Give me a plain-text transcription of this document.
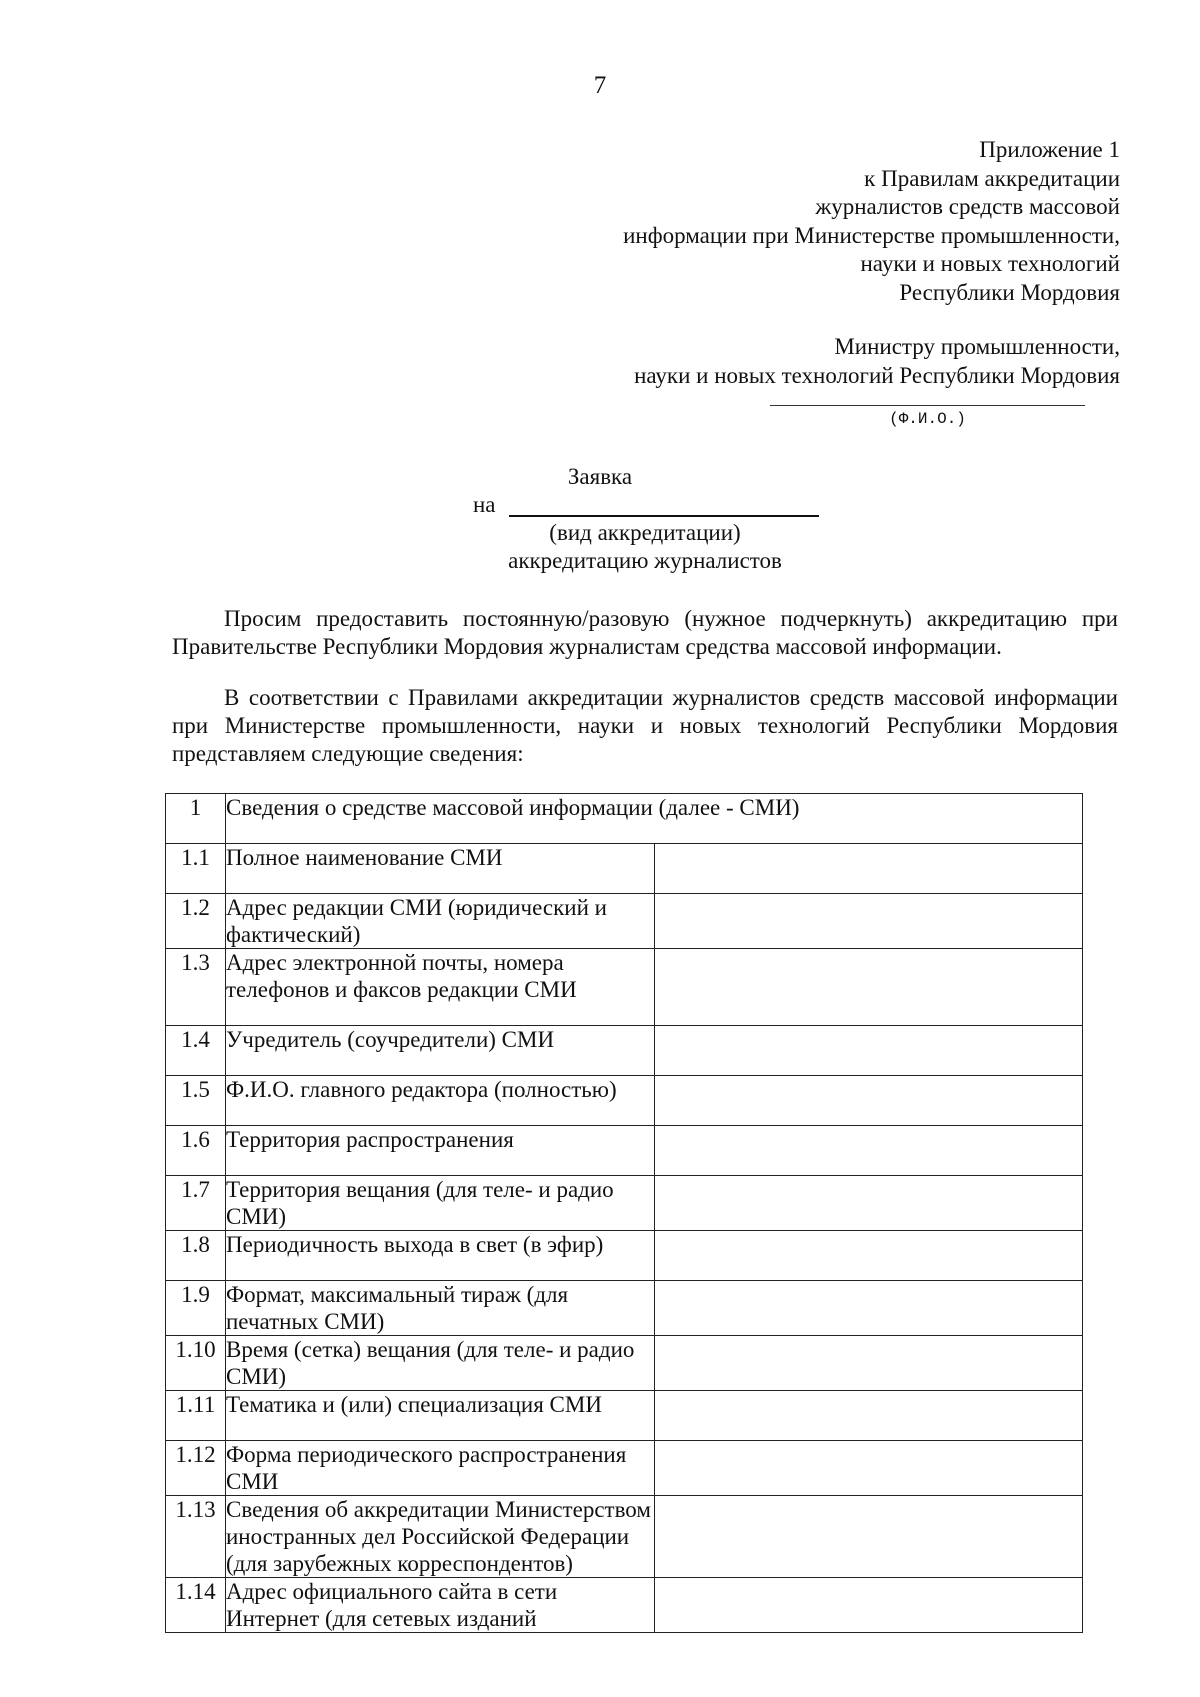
7
Приложение 1
к Правилам аккредитации
журналистов средств массовой
информации при Министерстве промышленности,
науки и новых технологий
Республики Мордовия
Министру промышленности,
науки и новых технологий Республики Мордовия
(Ф.И.О.)
Заявка
на
(вид аккредитации)
аккредитацию журналистов

Просим предоставить постоянную/разовую (нужное подчеркнуть) аккредитацию при Правительстве Республики Мордовия журналистам средства массовой информации.

В соответствии с Правилами аккредитации журналистов средств массовой информации при Министерстве промышленности, науки и новых технологий Республики Мордовия представляем следующие сведения:

1	Сведения о средстве массовой информации (далее - СМИ)	
1.1	Полное наименование СМИ	
1.2	Адрес редакции СМИ (юридический и фактический)	
1.3	Адрес электронной почты, номера телефонов и факсов редакции СМИ	
1.4	Учредитель (соучредители) СМИ	
1.5	Ф.И.О. главного редактора (полностью)	
1.6	Территория распространения	
1.7	Территория вещания (для теле- и радио СМИ)	
1.8	Периодичность выхода в свет (в эфир)	
1.9	Формат, максимальный тираж (для печатных СМИ)	
1.10	Время (сетка) вещания (для теле- и радио СМИ)	
1.11	Тематика и (или) специализация СМИ	
1.12	Форма периодического распространения СМИ	
1.13	Сведения об аккредитации Министерством иностранных дел Российской Федерации (для зарубежных корреспондентов)	
1.14	Адрес официального сайта в сети Интернет (для сетевых изданий	
